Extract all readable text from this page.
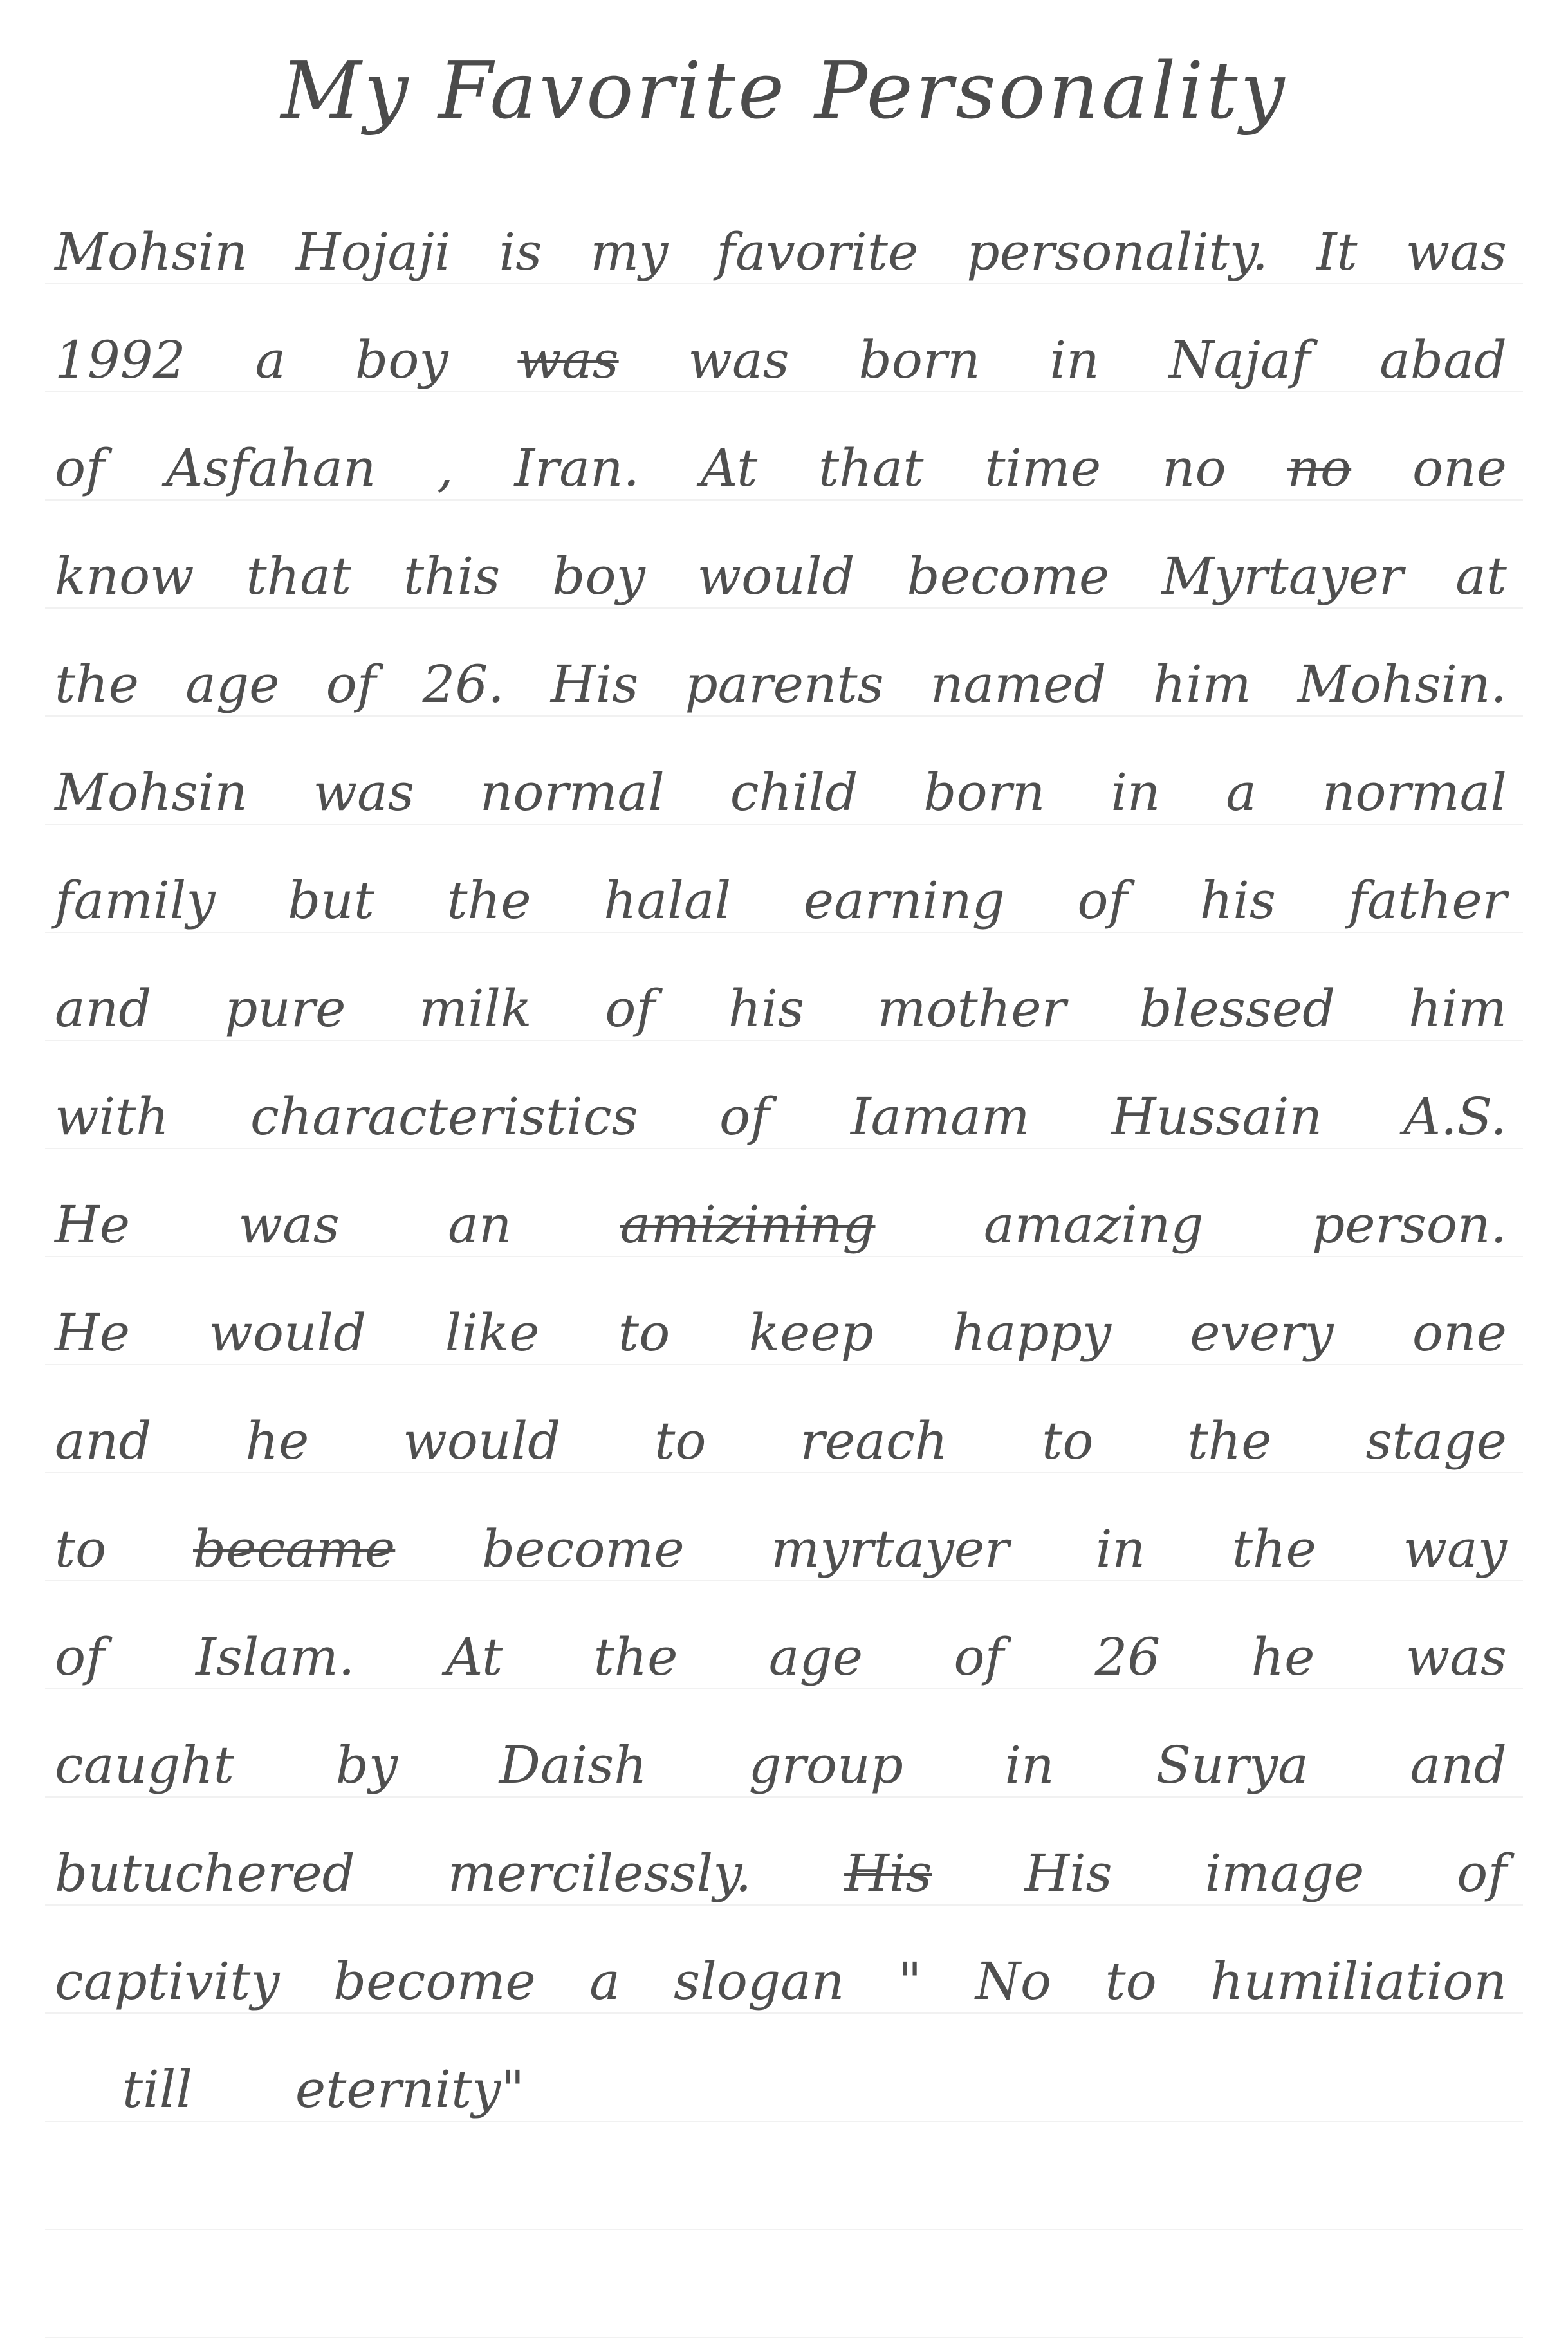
My Favorite Personality
Mohsin Hojaji is my favorite personality. It was
1992 a boy was was born in Najaf abad
of Asfahan , Iran. At that time no no one
know that this boy would become Myrtayer at
the age of 26. His parents named him Mohsin.
Mohsin was normal child born in a normal
family but the halal earning of his father
and pure milk of his mother blessed him
with characteristics of Iamam Hussain A.S.
He was an amizining amazing person.
He would like to keep happy every one
and he would to reach to the stage
to became become myrtayer in the way
of Islam. At the age of 26 he was
caught by Daish group in Surya and
butuchered mercilessly. His His image of
captivity become a slogan " No to humiliation
till eternity"
